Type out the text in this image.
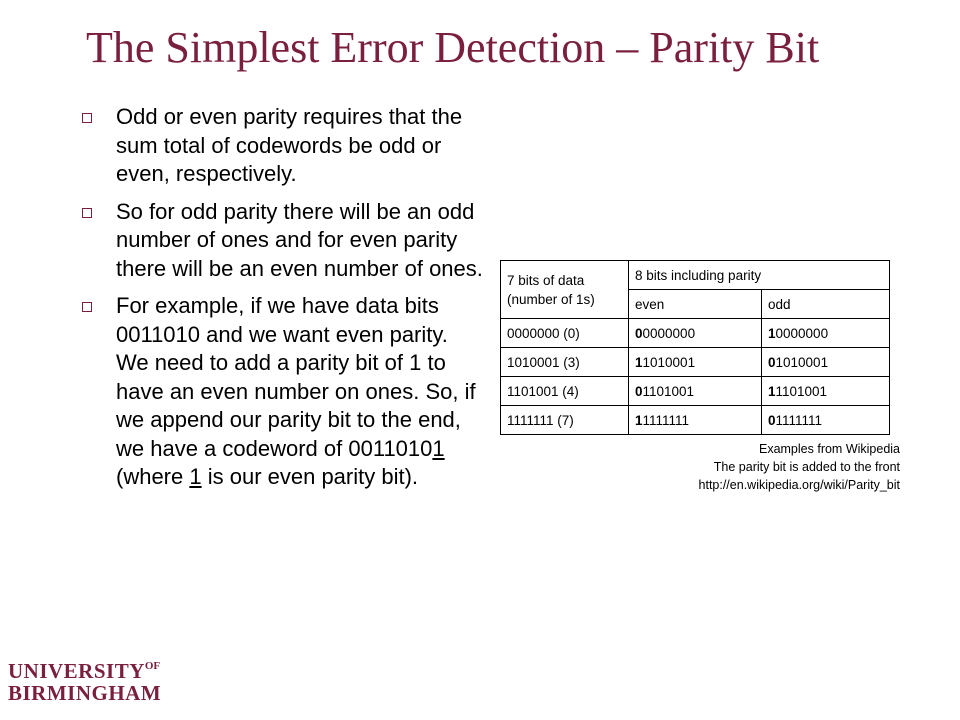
The Simplest Error Detection – Parity Bit
Odd or even parity requires that the sum total of codewords be odd or even, respectively.
So for odd parity there will be an odd number of ones and for even parity there will be an even number of ones.
For example, if we have data bits 0011010 and we want even parity. We need to add a parity bit of 1 to have an even number on ones. So, if we append our parity bit to the end, we have a codeword of 00110101 (where 1 is our even parity bit).
7 bits of data (number of 1s)	8 bits including parity	
	even	odd
0000000 (0)	00000000	10000000
1010001 (3)	11010001	01010001
1101001 (4)	01101001	11101001
1111111 (7)	11111111	01111111
Examples from Wikipedia
The parity bit is added to the front
http://en.wikipedia.org/wiki/Parity_bit
$UNIVERSITY^{OF}$
BIRMINGHAM
